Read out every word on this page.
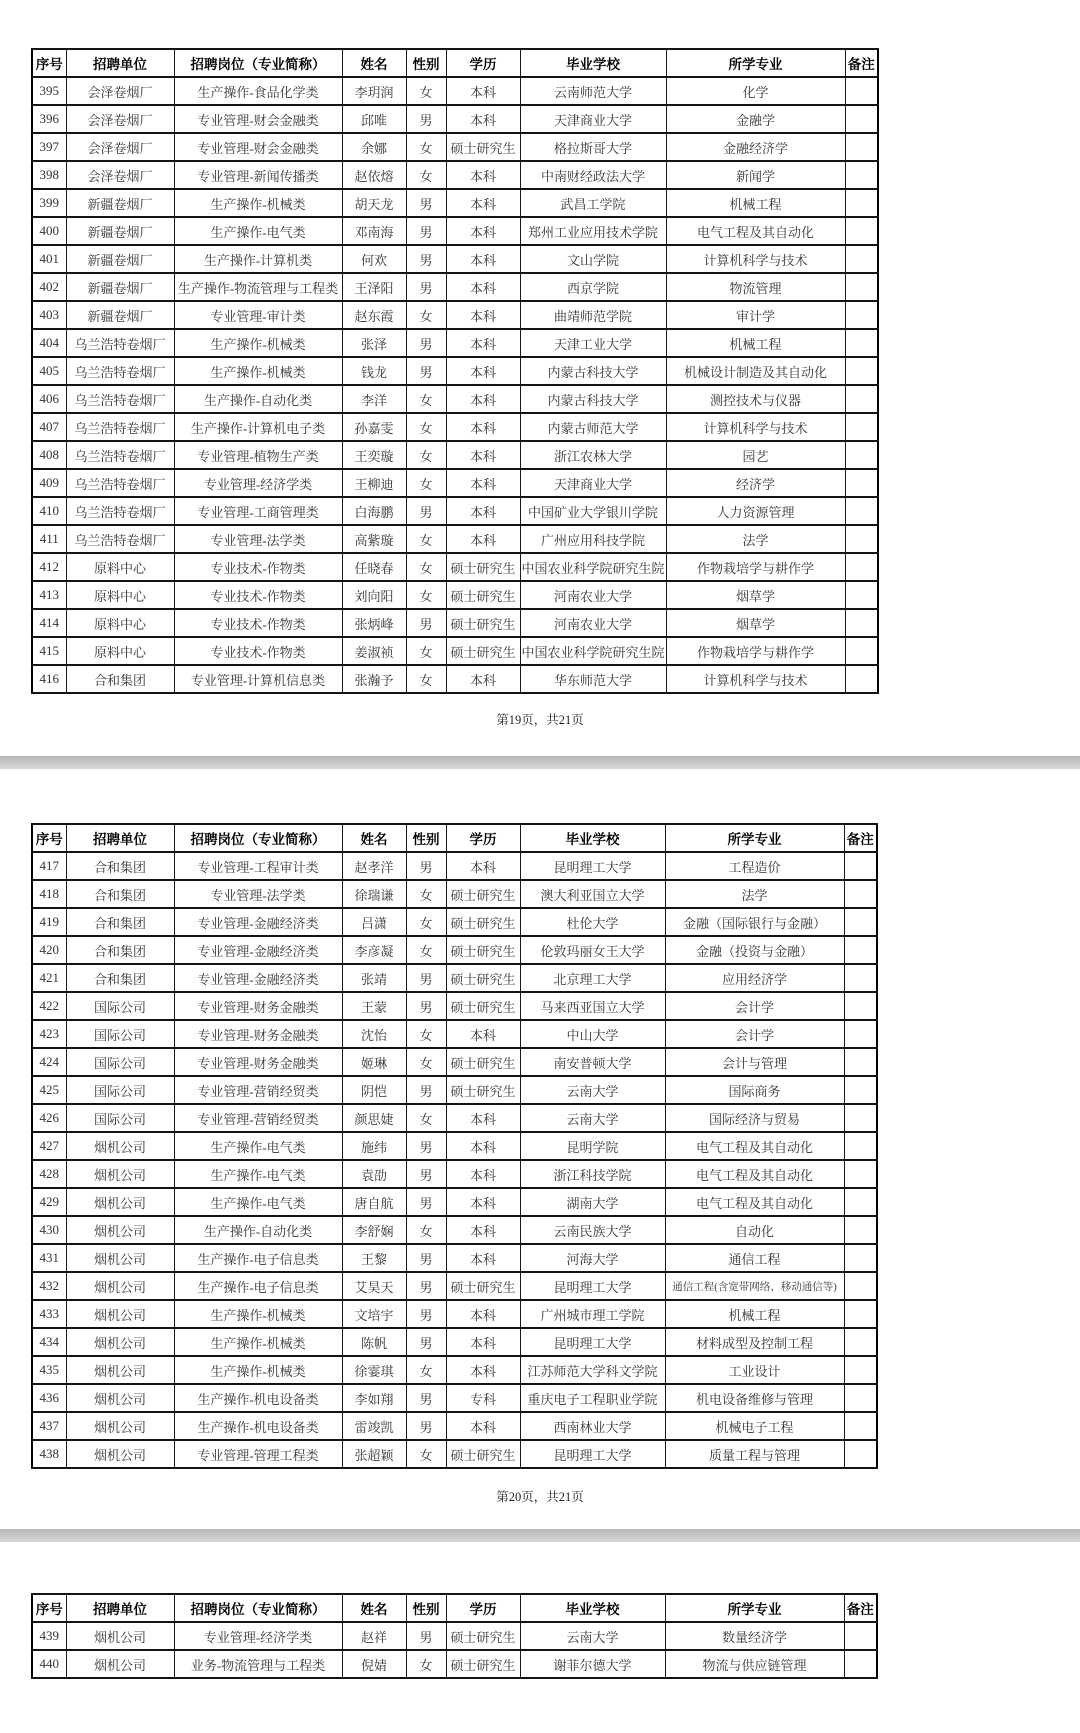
序号	招聘单位	招聘岗位（专业简称）	姓名	性别	学历	毕业学校	所学专业	备注
395	会泽卷烟厂	生产操作-食品化学类	李玥润	女	本科	云南师范大学	化学	
396	会泽卷烟厂	专业管理-财会金融类	邱唯	男	本科	天津商业大学	金融学	
397	会泽卷烟厂	专业管理-财会金融类	余娜	女	硕士研究生	格拉斯哥大学	金融经济学	
398	会泽卷烟厂	专业管理-新闻传播类	赵依熔	女	本科	中南财经政法大学	新闻学	
399	新疆卷烟厂	生产操作-机械类	胡天龙	男	本科	武昌工学院	机械工程	
400	新疆卷烟厂	生产操作-电气类	邓南海	男	本科	郑州工业应用技术学院	电气工程及其自动化	
401	新疆卷烟厂	生产操作-计算机类	何欢	男	本科	文山学院	计算机科学与技术	
402	新疆卷烟厂	生产操作-物流管理与工程类	王泽阳	男	本科	西京学院	物流管理	
403	新疆卷烟厂	专业管理-审计类	赵东霞	女	本科	曲靖师范学院	审计学	
404	乌兰浩特卷烟厂	生产操作-机械类	张泽	男	本科	天津工业大学	机械工程	
405	乌兰浩特卷烟厂	生产操作-机械类	钱龙	男	本科	内蒙古科技大学	机械设计制造及其自动化	
406	乌兰浩特卷烟厂	生产操作-自动化类	李洋	女	本科	内蒙古科技大学	测控技术与仪器	
407	乌兰浩特卷烟厂	生产操作-计算机电子类	孙嘉雯	女	本科	内蒙古师范大学	计算机科学与技术	
408	乌兰浩特卷烟厂	专业管理-植物生产类	王奕璇	女	本科	浙江农林大学	园艺	
409	乌兰浩特卷烟厂	专业管理-经济学类	王柳迪	女	本科	天津商业大学	经济学	
410	乌兰浩特卷烟厂	专业管理-工商管理类	白海鹏	男	本科	中国矿业大学银川学院	人力资源管理	
411	乌兰浩特卷烟厂	专业管理-法学类	高紫璇	女	本科	广州应用科技学院	法学	
412	原料中心	专业技术-作物类	任晓春	女	硕士研究生	中国农业科学院研究生院	作物栽培学与耕作学	
413	原料中心	专业技术-作物类	刘向阳	女	硕士研究生	河南农业大学	烟草学	
414	原料中心	专业技术-作物类	张炳峰	男	硕士研究生	河南农业大学	烟草学	
415	原料中心	专业技术-作物类	姜淑祯	女	硕士研究生	中国农业科学院研究生院	作物栽培学与耕作学	
416	合和集团	专业管理-计算机信息类	张瀚予	女	本科	华东师范大学	计算机科学与技术	
第19页，共21页
序号	招聘单位	招聘岗位（专业简称）	姓名	性别	学历	毕业学校	所学专业	备注
417	合和集团	专业管理-工程审计类	赵孝洋	男	本科	昆明理工大学	工程造价	
418	合和集团	专业管理-法学类	徐瑞谦	女	硕士研究生	澳大利亚国立大学	法学	
419	合和集团	专业管理-金融经济类	吕潇	女	硕士研究生	杜伦大学	金融（国际银行与金融）	
420	合和集团	专业管理-金融经济类	李彦凝	女	硕士研究生	伦敦玛丽女王大学	金融（投资与金融）	
421	合和集团	专业管理-金融经济类	张靖	男	硕士研究生	北京理工大学	应用经济学	
422	国际公司	专业管理-财务金融类	王蒙	男	硕士研究生	马来西亚国立大学	会计学	
423	国际公司	专业管理-财务金融类	沈怡	女	本科	中山大学	会计学	
424	国际公司	专业管理-财务金融类	姬琳	女	硕士研究生	南安普顿大学	会计与管理	
425	国际公司	专业管理-营销经贸类	阴恺	男	硕士研究生	云南大学	国际商务	
426	国际公司	专业管理-营销经贸类	颜思婕	女	本科	云南大学	国际经济与贸易	
427	烟机公司	生产操作-电气类	施纬	男	本科	昆明学院	电气工程及其自动化	
428	烟机公司	生产操作-电气类	袁劭	男	本科	浙江科技学院	电气工程及其自动化	
429	烟机公司	生产操作-电气类	唐自航	男	本科	湖南大学	电气工程及其自动化	
430	烟机公司	生产操作-自动化类	李舒娴	女	本科	云南民族大学	自动化	
431	烟机公司	生产操作-电子信息类	王黎	男	本科	河海大学	通信工程	
432	烟机公司	生产操作-电子信息类	艾昊天	男	硕士研究生	昆明理工大学	通信工程(含宽带网络、移动通信等)	
433	烟机公司	生产操作-机械类	文培宇	男	本科	广州城市理工学院	机械工程	
434	烟机公司	生产操作-机械类	陈帆	男	本科	昆明理工大学	材料成型及控制工程	
435	烟机公司	生产操作-机械类	徐霎琪	女	本科	江苏师范大学科文学院	工业设计	
436	烟机公司	生产操作-机电设备类	李如翔	男	专科	重庆电子工程职业学院	机电设备维修与管理	
437	烟机公司	生产操作-机电设备类	雷竣凯	男	本科	西南林业大学	机械电子工程	
438	烟机公司	专业管理-管理工程类	张超颖	女	硕士研究生	昆明理工大学	质量工程与管理	
第20页，共21页
序号	招聘单位	招聘岗位（专业简称）	姓名	性别	学历	毕业学校	所学专业	备注
439	烟机公司	专业管理-经济学类	赵祥	男	硕士研究生	云南大学	数量经济学	
440	烟机公司	业务-物流管理与工程类	倪婧	女	硕士研究生	谢菲尔德大学	物流与供应链管理	
